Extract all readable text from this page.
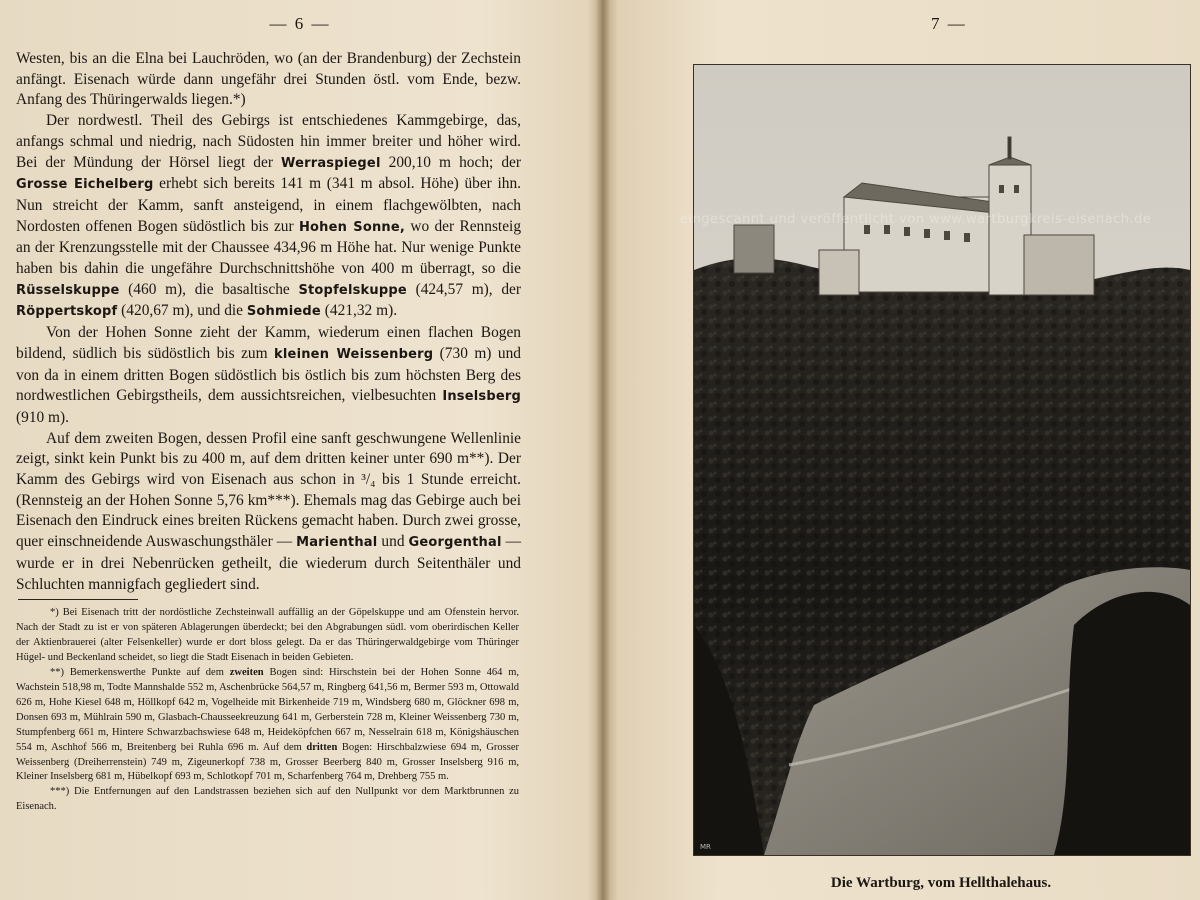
— 6 —

Westen, bis an die Elna bei Lauchröden, wo (an der Brandenburg) der Zechstein anfängt. Eisenach würde dann ungefähr drei Stunden östl. vom Ende, bezw. Anfang des Thüringerwalds liegen.*)

Der nordwestl. Theil des Gebirgs ist entschiedenes Kammgebirge, das, anfangs schmal und niedrig, nach Südosten hin immer breiter und höher wird. Bei der Mündung der Hörsel liegt der Werraspiegel 200,10 m hoch; der Grosse Eichelberg erhebt sich bereits 141 m (341 m absol. Höhe) über ihn. Nun streicht der Kamm, sanft ansteigend, in einem flachgewölbten, nach Nordosten offenen Bogen südöstlich bis zur Hohen Sonne, wo der Rennsteig an der Krenzungsstelle mit der Chaussee 434,96 m Höhe hat. Nur wenige Punkte haben bis dahin die ungefähre Durchschnittshöhe von 400 m überragt, so die Rüsselskuppe (460 m), die basaltische Stopfelskuppe (424,57 m), der Röppertskopf (420,67 m), und die Sohmiede (421,32 m).

Von der Hohen Sonne zieht der Kamm, wiederum einen flachen Bogen bildend, südlich bis südöstlich bis zum kleinen Weissenberg (730 m) und von da in einem dritten Bogen südöstlich bis östlich bis zum höchsten Berg des nordwestlichen Gebirgstheils, dem aussichtsreichen, vielbesuchten Inselsberg (910 m).

Auf dem zweiten Bogen, dessen Profil eine sanft geschwungene Wellenlinie zeigt, sinkt kein Punkt bis zu 400 m, auf dem dritten keiner unter 690 m**). Der Kamm des Gebirgs wird von Eisenach aus schon in ³/₄ bis 1 Stunde erreicht. (Rennsteig an der Hohen Sonne 5,76 km***). Ehemals mag das Gebirge auch bei Eisenach den Eindruck eines breiten Rückens gemacht haben. Durch zwei grosse, quer einschneidende Auswaschungsthäler — Marienthal und Georgenthal — wurde er in drei Nebenrücken getheilt, die wiederum durch Seitenthäler und Schluchten mannigfach gegliedert sind.

*) Bei Eisenach tritt der nordöstliche Zechsteinwall auffällig an der Göpelskuppe und am Ofenstein hervor. Nach der Stadt zu ist er von späteren Ablagerungen überdeckt; bei den Abgrabungen südl. vom oberirdischen Keller der Aktienbrauerei (alter Felsenkeller) wurde er dort bloss gelegt. Da er das Thüringerwaldgebirge vom Thüringer Hügel- und Beckenland scheidet, so liegt die Stadt Eisenach in beiden Gebieten.

**) Bemerkenswerthe Punkte auf dem zweiten Bogen sind: Hirschstein bei der Hohen Sonne 464 m, Wachstein 518,98 m, Todte Mannshalde 552 m, Aschenbrücke 564,57 m, Ringberg 641,56 m, Bermer 593 m, Ottowald 626 m, Hohe Kiesel 648 m, Höllkopf 642 m, Vogelheide mit Birkenheide 719 m, Windsberg 680 m, Glöckner 698 m, Donsen 693 m, Mühlrain 590 m, Glasbach-Chausseekreuzung 641 m, Gerberstein 728 m, Kleiner Weissenberg 730 m, Stumpfenberg 661 m, Hintere Schwarzbachswiese 648 m, Heideköpfchen 667 m, Nesselrain 618 m, Königshäuschen 554 m, Aschhof 566 m, Breitenberg bei Ruhla 696 m. Auf dem dritten Bogen: Hirschbalzwiese 694 m, Grosser Weissenberg (Dreiherrenstein) 749 m, Zigeunerkopf 738 m, Grosser Beerberg 840 m, Grosser Inselsberg 916 m, Kleiner Inselsberg 681 m, Hübelkopf 693 m, Schlotkopf 701 m, Scharfenberg 764 m, Drehberg 755 m.

***) Die Entfernungen auf den Landstrassen beziehen sich auf den Nullpunkt vor dem Marktbrunnen zu Eisenach.

7 —
MR
eingescannt und veröffentlicht von www.wartburgkreis-eisenach.de
Die Wartburg, vom Hellthalehaus.
